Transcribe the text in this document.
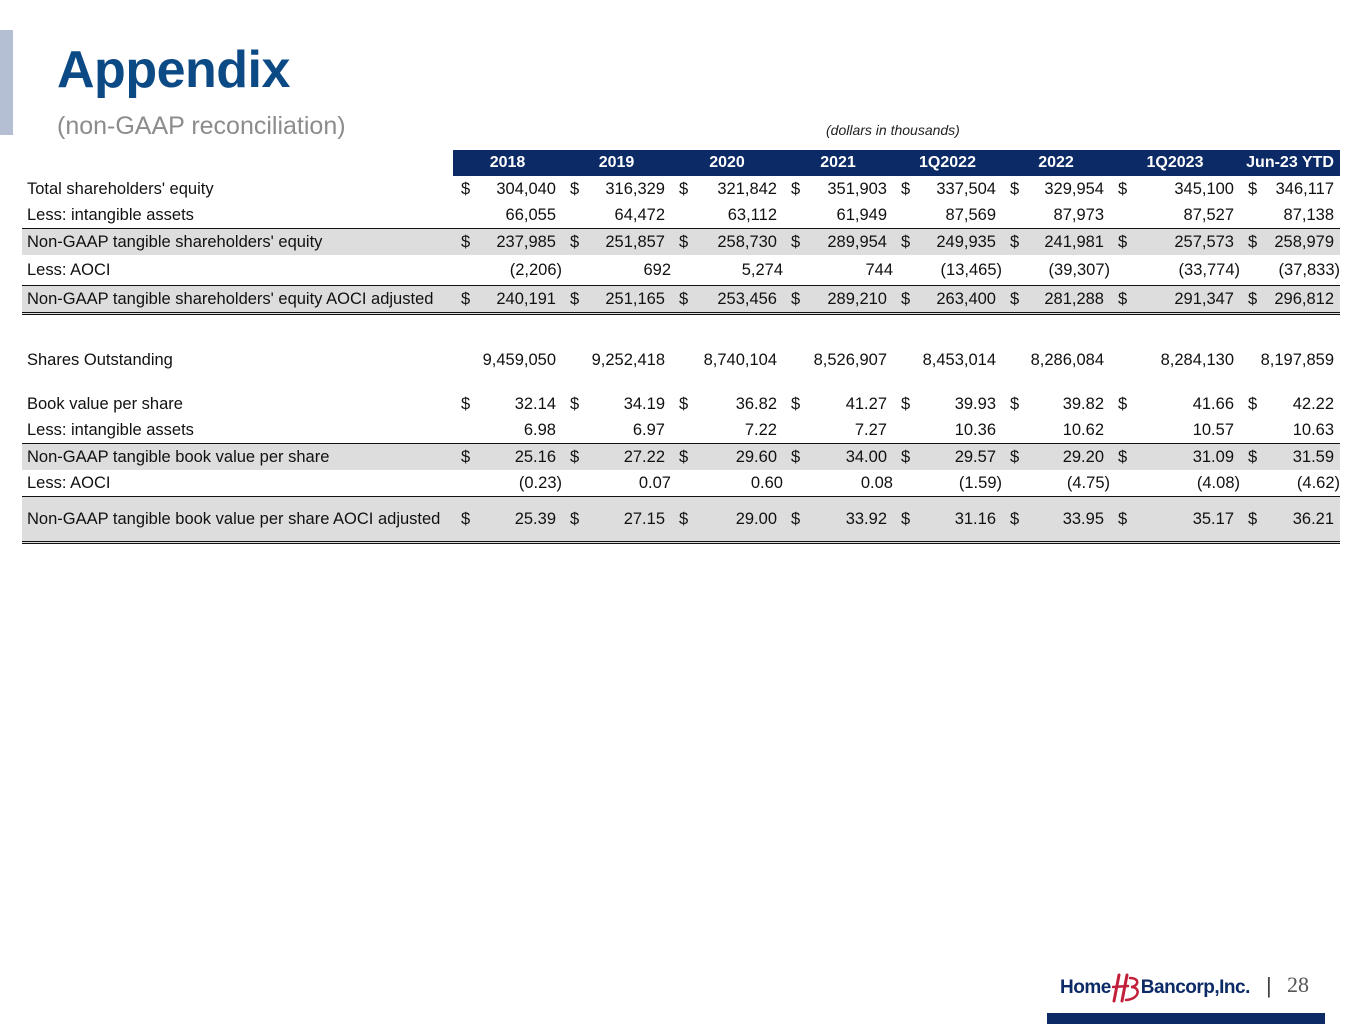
Appendix
(non-GAAP reconciliation)	(dollars in thousands)
	2018		2019		2020		2021		1Q2022		2022		1Q2023		Jun-23 YTD	
Total shareholders' equity	$	304,040	$	316,329	$	321,842	$	351,903	$	337,504	$	329,954	$	345,100	$	346,117
Less: intangible assets		66,055		64,472		63,112		61,949		87,569		87,973		87,527		87,138
Non-GAAP tangible shareholders' equity	$	237,985	$	251,857	$	258,730	$	289,954	$	249,935	$	241,981	$	257,573	$	258,979
Less: AOCI		(2,206)		692		5,274		744		(13,465)		(39,307)		(33,774)		(37,833)
Non-GAAP tangible shareholders' equity AOCI adjusted	$	240,191	$	251,165	$	253,456	$	289,210	$	263,400	$	281,288	$	291,347	$	296,812

Shares Outstanding		9,459,050		9,252,418		8,740,104		8,526,907		8,453,014		8,286,084		8,284,130		8,197,859

Book value per share	$	32.14	$	34.19	$	36.82	$	41.27	$	39.93	$	39.82	$	41.66	$	42.22
Less: intangible assets		6.98		6.97		7.22		7.27		10.36		10.62		10.57		10.63
Non-GAAP tangible book value per share	$	25.16	$	27.22	$	29.60	$	34.00	$	29.57	$	29.20	$	31.09	$	31.59
Less: AOCI		(0.23)		0.07		0.60		0.08		(1.59)		(4.75)		(4.08)		(4.62)
Non-GAAP tangible book value per share AOCI adjusted	$	25.39	$	27.15	$	29.00	$	33.92	$	31.16	$	33.95	$	35.17	$	36.21
Home Bancorp,Inc. | 28
